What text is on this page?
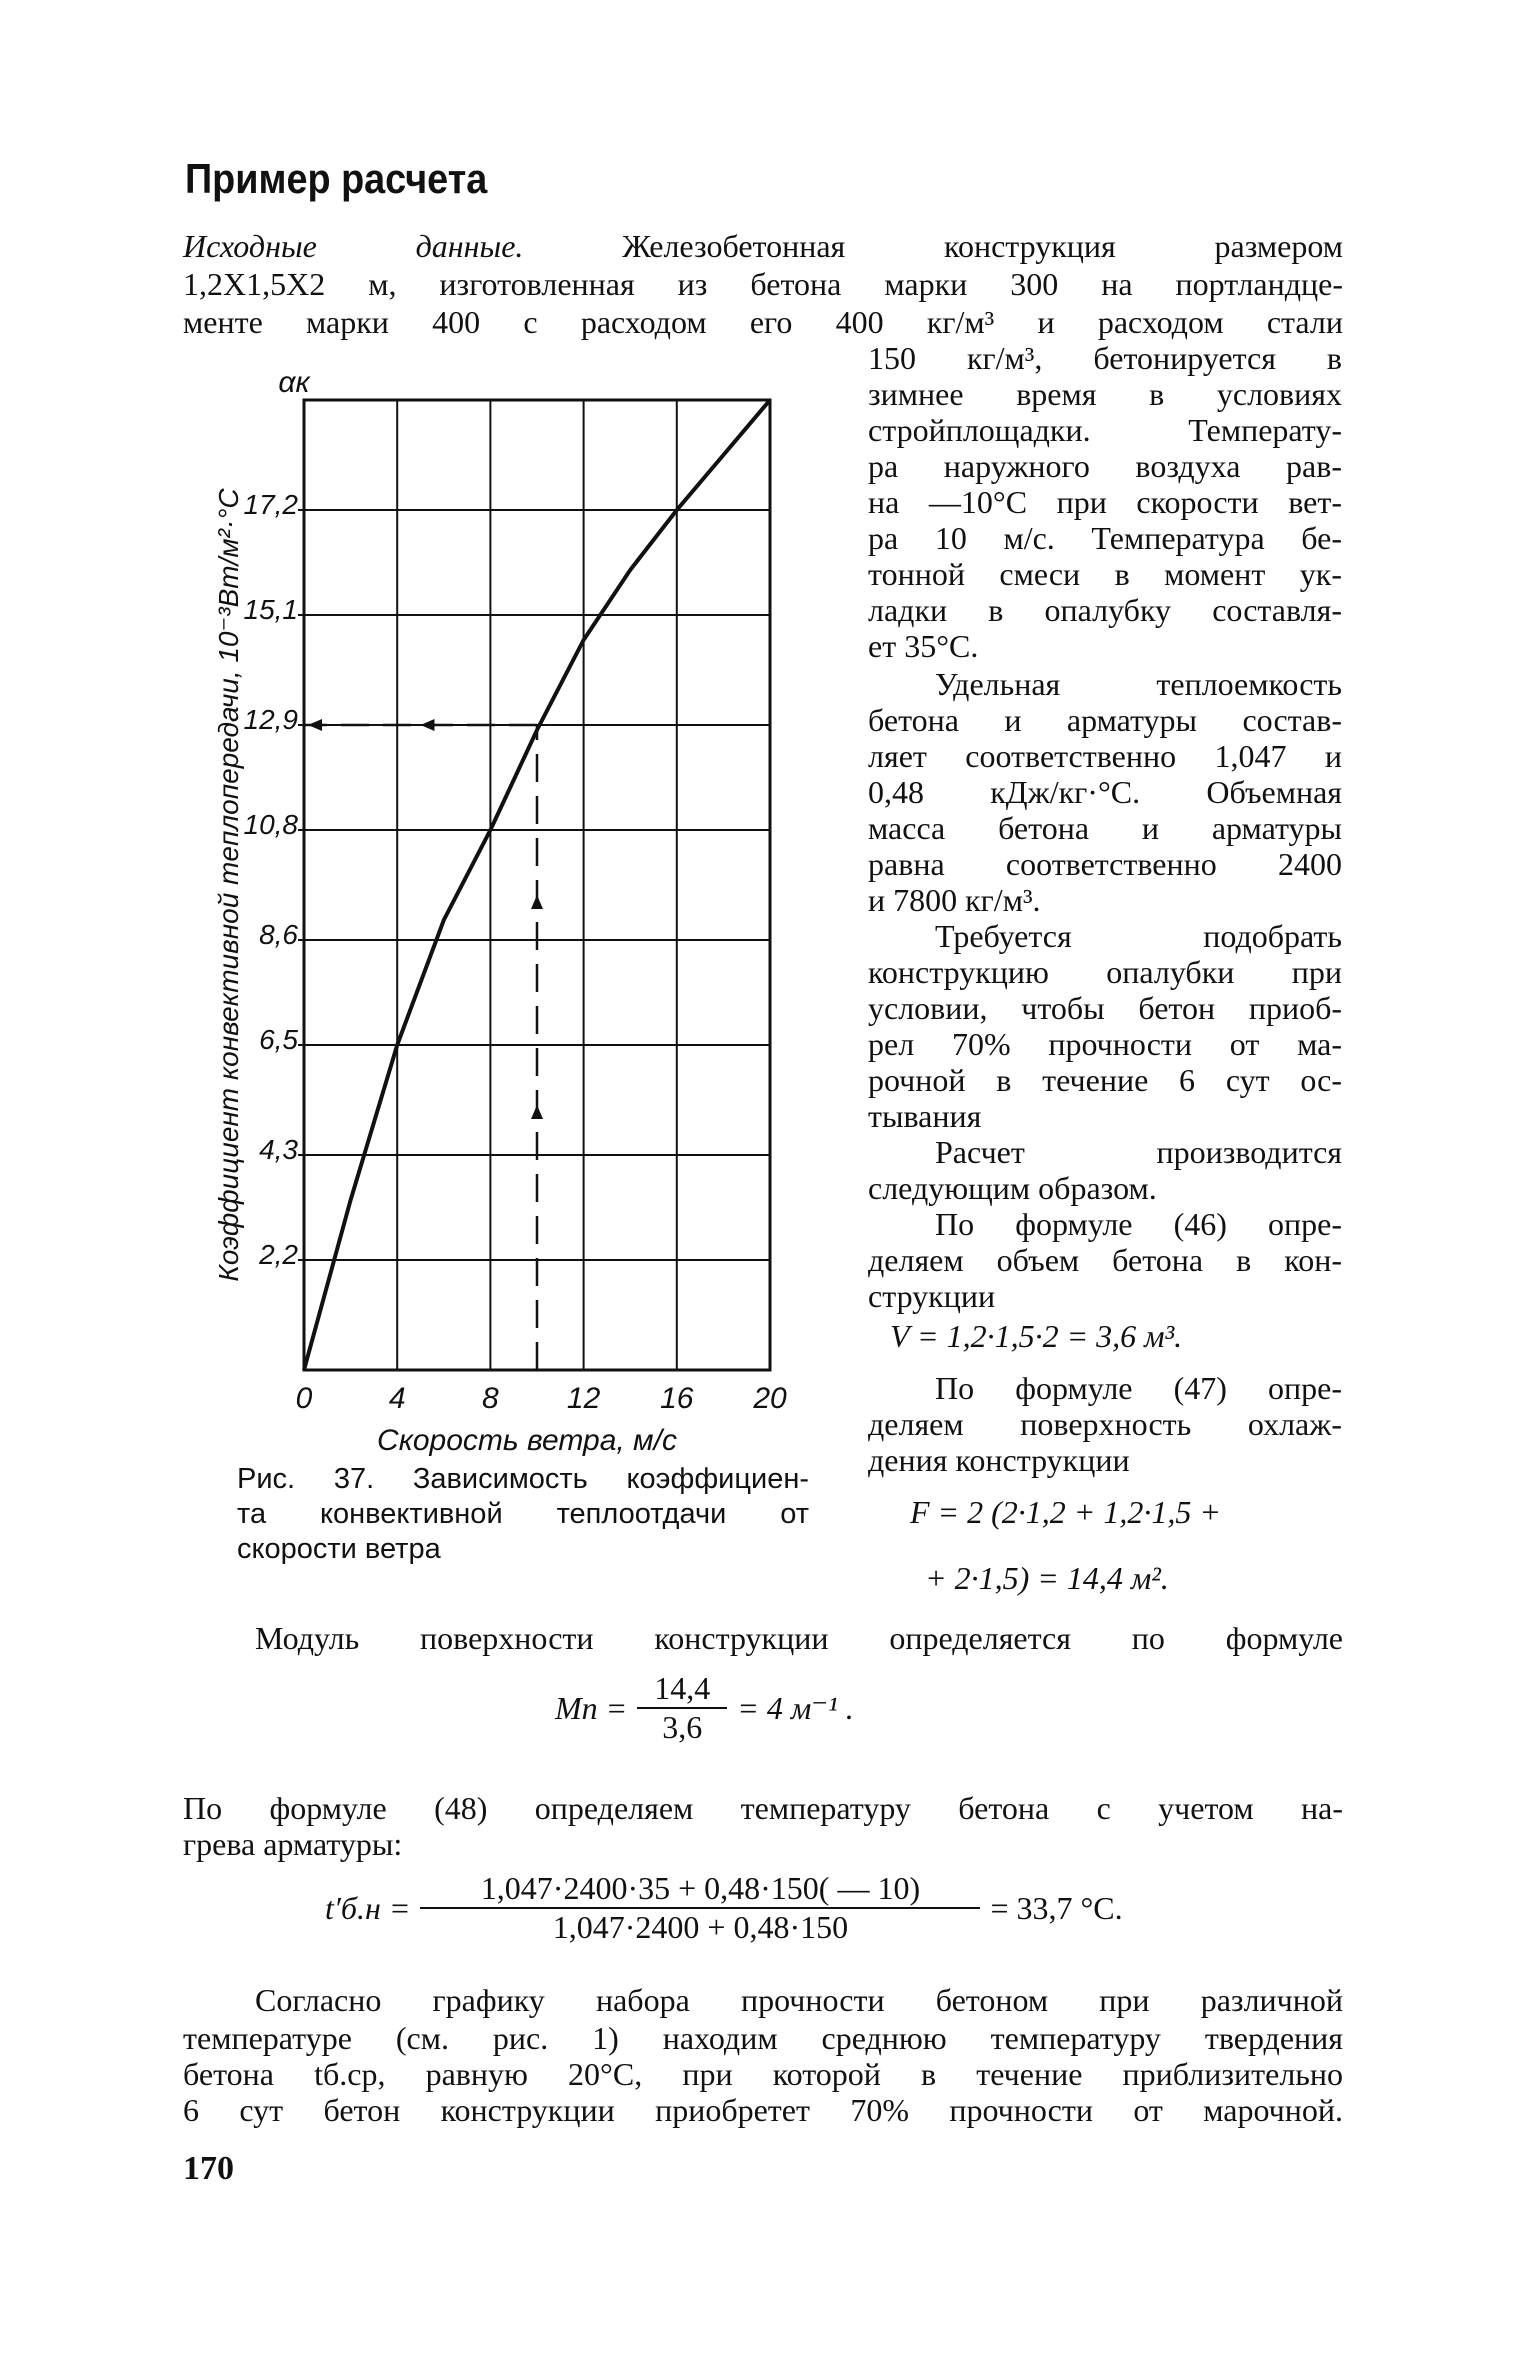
Пример расчета
Исходные данные.	Железобетонная конструкция размером
1,2Х1,5Х2 м, изготовленная из бетона марки 300 на портландце-
менте марки 400 с расходом его 400 кг/м³ и расходом стали
150 кг/м³, бетонируется в
зимнее время в условиях
стройплощадки. Температу-
ра наружного воздуха рав-
на —10°С при скорости вет-
ра 10 м/с. Температура бе-
тонной смеси в момент ук-
ладки в опалубку составля-
ет 35°С.
Удельная теплоемкость
бетона и арматуры состав-
ляет соответственно 1,047 и
0,48 кДж/кг·°С. Объемная
масса бетона и арматуры
равна соответственно 2400
и 7800 кг/м³.
Требуется подобрать
конструкцию опалубки при
условии, чтобы бетон приоб-
рел 70% прочности от ма-
рочной в течение 6 сут ос-
тывания
Расчет производится
следующим образом.
По формуле (46) опре-
деляем объем бетона в кон-
струкции
По формуле (47) опре-
деляем поверхность охлаж-
дения конструкции
V = 1,2·1,5·2 = 3,6 м³.
F = 2 (2·1,2 + 1,2·1,5 +
+ 2·1,5) = 14,4 м².
0	4	8 12 16 20
2,2
4,3
6,5
8,6
10,8
12,9
15,1
17,2
αк
Коэффициент конвективной теплопередачи, 10⁻³Вт/м²·°С
Скорость ветра, м/с
Рис. 37. Зависимость коэффициен-
та конвективной теплоотдачи от
скорости ветра
Модуль поверхности конструкции определяется по формуле
Mп = $\frac{14,4}{3,6} = 4$ м⁻¹ .
По формуле (48) определяем температуру бетона с учетом на-
грева арматуры:
$t'б.н = \frac{1,047\cdot 2400\cdot 35 + 0,48\cdot 150( — 10)}{1,047\cdot 2400 + 0,48\cdot 150} = 33,7$ °С.
Согласно графику набора прочности бетоном при различной
температуре (см. рис. 1) находим среднюю температуру твердения
бетона tб.ср, равную 20°С, при которой в течение приблизительно
6 сут бетон конструкции приобретет 70% прочности от марочной.
170
